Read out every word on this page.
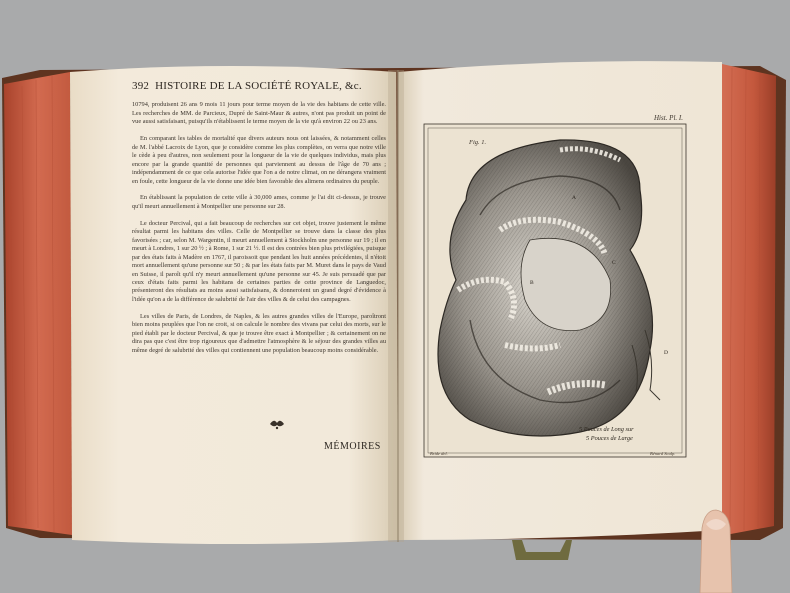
392 HISTOIRE DE LA SOCIÉTÉ ROYALE, &c.

10794, produisent 26 ans 9 mois 11 jours pour terme moyen de la vie des habitans de cette ville. Les recherches de MM. de Parcieux, Dupré de Saint-Maur & autres, n'ont pas produit un point de vue aussi satisfaisant, puisqu'ils n'établissent le terme moyen de la vie qu'à environ 22 ou 23 ans.

En comparant les tables de mortalité que divers auteurs nous ont laissées, & notamment celles de M. l'abbé Lacroix de Lyon, que je considère comme les plus complètes, on verra que notre ville le cède à peu d'autres, non seulement pour la longueur de la vie de quelques individus, mais plus encore par la grande quantité de personnes qui parviennent au dessus de l'âge de 70 ans ; indépendamment de ce que cela autorise l'idée que l'on a de notre climat, on ne dérangera vraiment en foule, cette longueur de la vie donne une idée bien favorable des alimens ordinaires du peuple.

En établissant la population de cette ville à 30,000 ames, comme je l'ai dit ci-dessus, je trouve qu'il meurt annuellement à Montpellier une personne sur 28.

Le docteur Percival, qui a fait beaucoup de recherches sur cet objet, trouve justement le même résultat parmi les habitans des villes. Celle de Montpellier se trouve dans la classe des plus favorisées ; car, selon M. Wargentin, il meurt annuellement à Stockholm une personne sur 19 ; il en meurt à Londres, 1 sur 20 ½ ; à Rome, 1 sur 21 ½. Il est des contrées bien plus privilégiées, puisque par des états faits à Madère en 1767, il paroissoit que pendant les huit années précédentes, il n'étoit mort annuellement qu'une personne sur 50 ; & par les états faits par M. Muret dans le pays de Vaud en Suisse, il paroît qu'il n'y meurt annuellement qu'une personne sur 45. Je suis persuadé que par ceux d'états faits parmi les habitans de certaines parties de cette province de Languedoc, présenteront des résultats au moins aussi satisfaisans, & donneroient un grand degré d'évidence à l'idée qu'on a de la différence de salubrité de l'air des villes & de celui des campagnes.

Les villes de Paris, de Londres, de Naples, & les autres grandes villes de l'Europe, paroîtront bien moins peuplées que l'on ne croit, si on calcule le nombre des vivans par celui des morts, sur le pied établi par le docteur Percival, & que je trouve être exact à Montpellier ; & certainement on ne dira pas que c'est être trop rigoureux que d'admettre l'atmosphère & le séjour des grandes villes au même degré de salubrité des villes qui contiennent une population beaucoup moins considérable.

MÉMOIRES
Hist. Pl. I.
Fig. 1.
A
B
C
D
5 Pouces de Long sur
5 Pouces de Large
Bride del.	Bénard Sculp.
